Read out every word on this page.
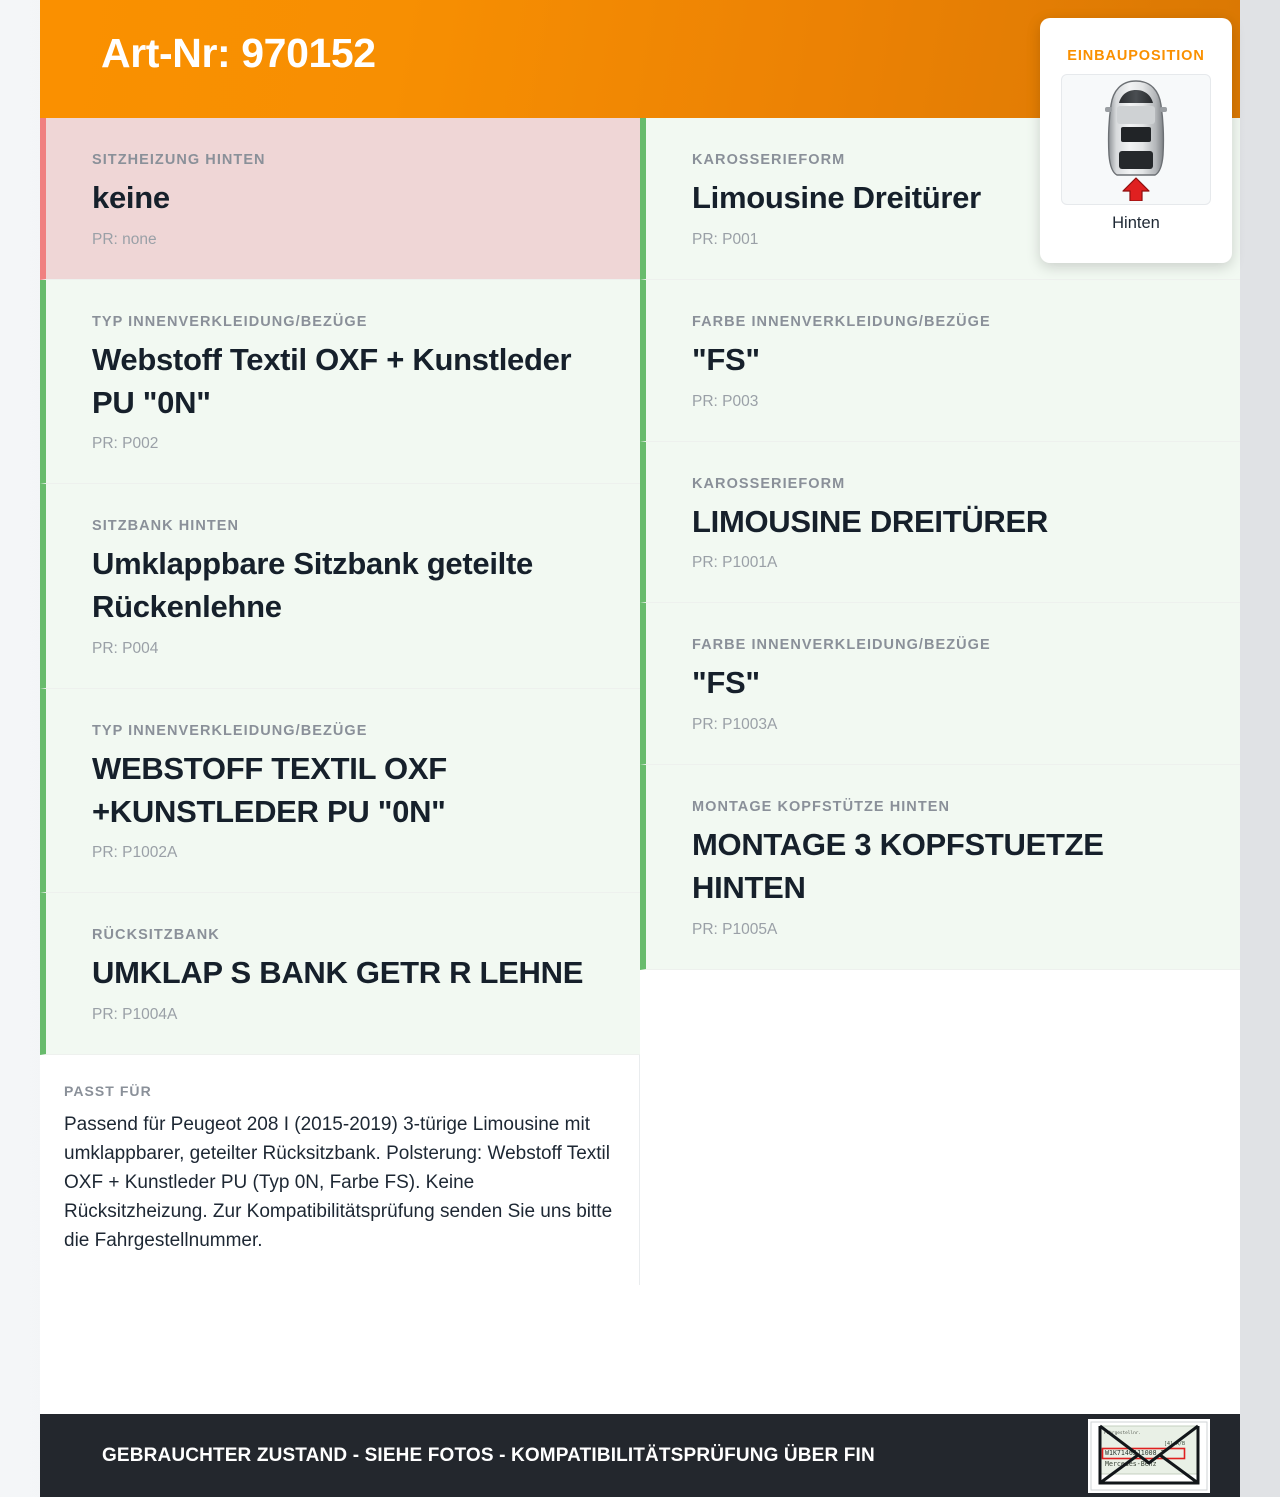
Art-Nr: 970152	EINBAUPOSITION
Hinten
SITZHEIZUNG HINTEN
keine
PR: none
TYP INNENVERKLEIDUNG/BEZÜGE
Webstoff Textil OXF + Kunstleder PU "0N"
PR: P002
SITZBANK HINTEN
Umklappbare Sitzbank geteilte Rückenlehne
PR: P004
TYP INNENVERKLEIDUNG/BEZÜGE
WEBSTOFF TEXTIL OXF +KUNSTLEDER PU "0N"
PR: P1002A
RÜCKSITZBANK
UMKLAP S BANK GETR R LEHNE
PR: P1004A
KAROSSERIEFORM
Limousine Dreitürer
PR: P001
FARBE INNENVERKLEIDUNG/BEZÜGE
"FS"
PR: P003
KAROSSERIEFORM
LIMOUSINE DREITÜRER
PR: P1001A
FARBE INNENVERKLEIDUNG/BEZÜGE
"FS"
PR: P1003A
MONTAGE KOPFSTÜTZE HINTEN
MONTAGE 3 KOPFSTUETZE HINTEN
PR: P1005A
PASST FÜR
Passend für Peugeot 208 I (2015-2019) 3-türige Limousine mit umklappbarer, geteilter Rücksitzbank. Polsterung: Webstoff Textil OXF + Kunstleder PU (Typ 0N, Farbe FS). Keine Rücksitzheizung. Zur Kompatibilitätsprüfung senden Sie uns bitte die Fahrgestellnummer.
GEBRAUCHTER ZUSTAND - SIEHE FOTOS - KOMPATIBILITÄTSPRÜFUNG ÜBER FIN
Fahrgestellnr.
[4] A/B
W1K7146JJ1008 7
Mercedes-Benz
